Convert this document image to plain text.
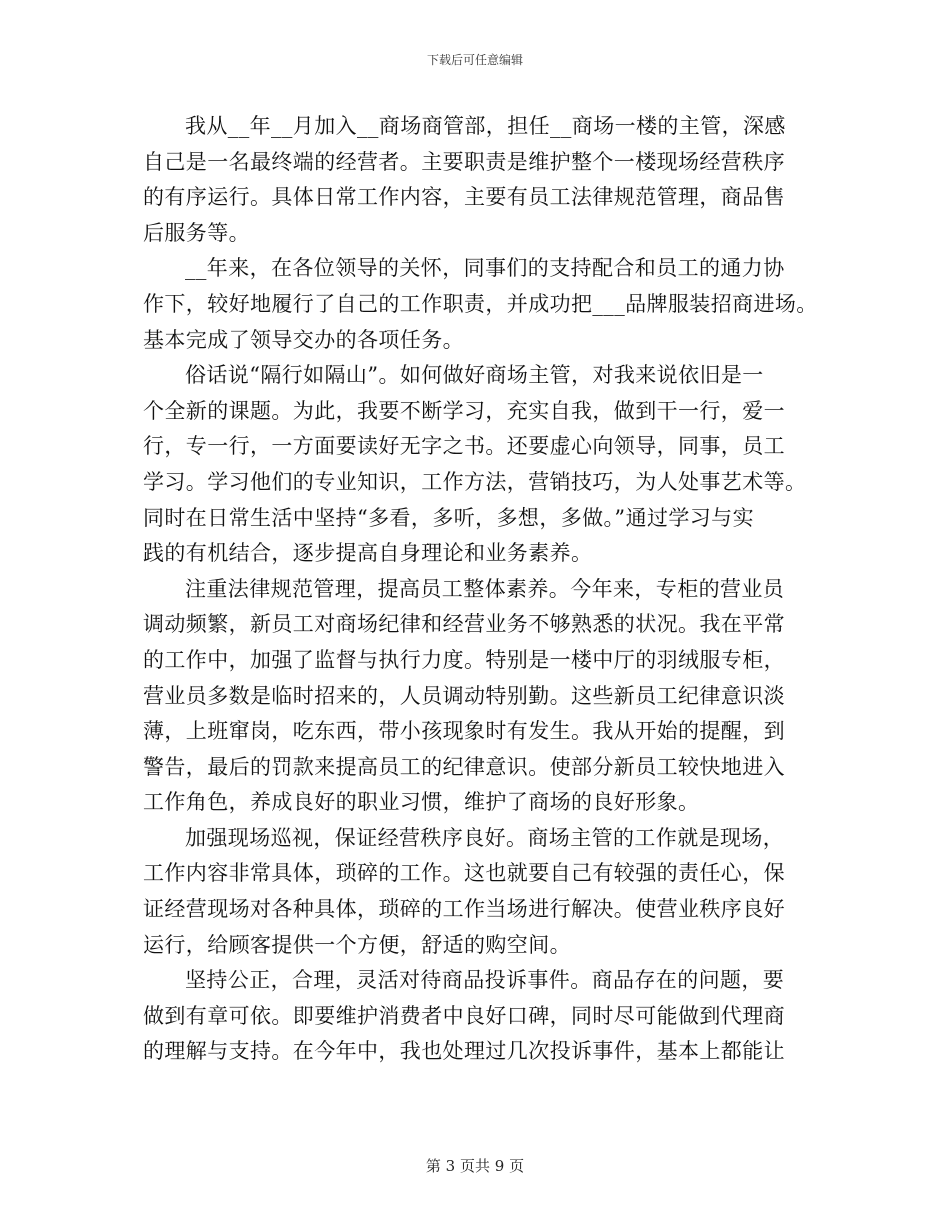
下载后可任意编辑
我从__年__月加入__商场商管部，担任__商场一楼的主管，深感
自己是一名最终端的经营者。主要职责是维护整个一楼现场经营秩序
的有序运行。具体日常工作内容，主要有员工法律规范管理，商品售
后服务等。
__年来，在各位领导的关怀，同事们的支持配合和员工的通力协
作下，较好地履行了自己的工作职责，并成功把___品牌服装招商进场。
基本完成了领导交办的各项任务。
俗话说“隔行如隔山”。如何做好商场主管，对我来说依旧是一
个全新的课题。为此，我要不断学习，充实自我，做到干一行，爱一
行，专一行，一方面要读好无字之书。还要虚心向领导，同事，员工
学习。学习他们的专业知识，工作方法，营销技巧，为人处事艺术等。
同时在日常生活中坚持“多看，多听，多想，多做。”通过学习与实
践的有机结合，逐步提高自身理论和业务素养。
注重法律规范管理，提高员工整体素养。今年来，专柜的营业员
调动频繁，新员工对商场纪律和经营业务不够熟悉的状况。我在平常
的工作中，加强了监督与执行力度。特别是一楼中厅的羽绒服专柜，
营业员多数是临时招来的，人员调动特别勤。这些新员工纪律意识淡
薄，上班窜岗，吃东西，带小孩现象时有发生。我从开始的提醒，到
警告，最后的罚款来提高员工的纪律意识。使部分新员工较快地进入
工作角色，养成良好的职业习惯，维护了商场的良好形象。
加强现场巡视，保证经营秩序良好。商场主管的工作就是现场，
工作内容非常具体，琐碎的工作。这也就要自己有较强的责任心，保
证经营现场对各种具体，琐碎的工作当场进行解决。使营业秩序良好
运行，给顾客提供一个方便，舒适的购空间。
坚持公正，合理，灵活对待商品投诉事件。商品存在的问题，要
做到有章可依。即要维护消费者中良好口碑，同时尽可能做到代理商
的理解与支持。在今年中，我也处理过几次投诉事件，基本上都能让
第 3 页共 9 页
